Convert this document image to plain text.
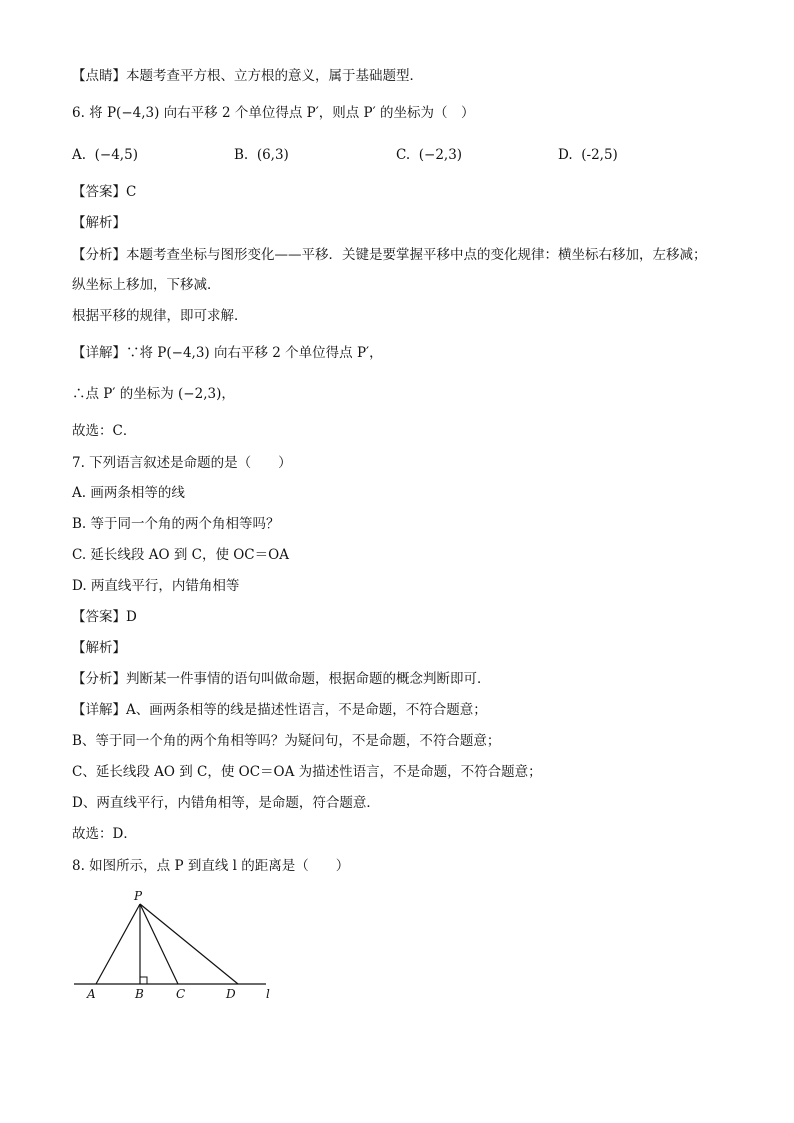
【点睛】本题考查平方根、立方根的意义，属于基础题型．
6. 将 P(−4,3) 向右平移 2 个单位得点 P′，则点 P′ 的坐标为（　）
A. (−4,5)	B. (6,3)	C. (−2,3)	D. (-2,5)
【答案】C
【解析】
【分析】本题考查坐标与图形变化——平移．关键是要掌握平移中点的变化规律：横坐标右移加，左移减；
纵坐标上移加，下移减．
根据平移的规律，即可求解．
【详解】∵将 P(−4,3) 向右平移 2 个单位得点 P′，
∴点 P′ 的坐标为 (−2,3)，
故选：C．
7. 下列语言叙述是命题的是（　　）
A. 画两条相等的线
B. 等于同一个角的两个角相等吗？
C. 延长线段 AO 到 C，使 OC＝OA
D. 两直线平行，内错角相等
【答案】D
【解析】
【分析】判断某一件事情的语句叫做命题，根据命题的概念判断即可．
【详解】A、画两条相等的线是描述性语言，不是命题，不符合题意；
B、等于同一个角的两个角相等吗？为疑问句，不是命题，不符合题意；
C、延长线段 AO 到 C，使 OC＝OA 为描述性语言，不是命题，不符合题意；
D、两直线平行，内错角相等，是命题，符合题意．
故选：D．
8. 如图所示，点 P 到直线 l 的距离是（　　）
P
A	B	C	D	l
